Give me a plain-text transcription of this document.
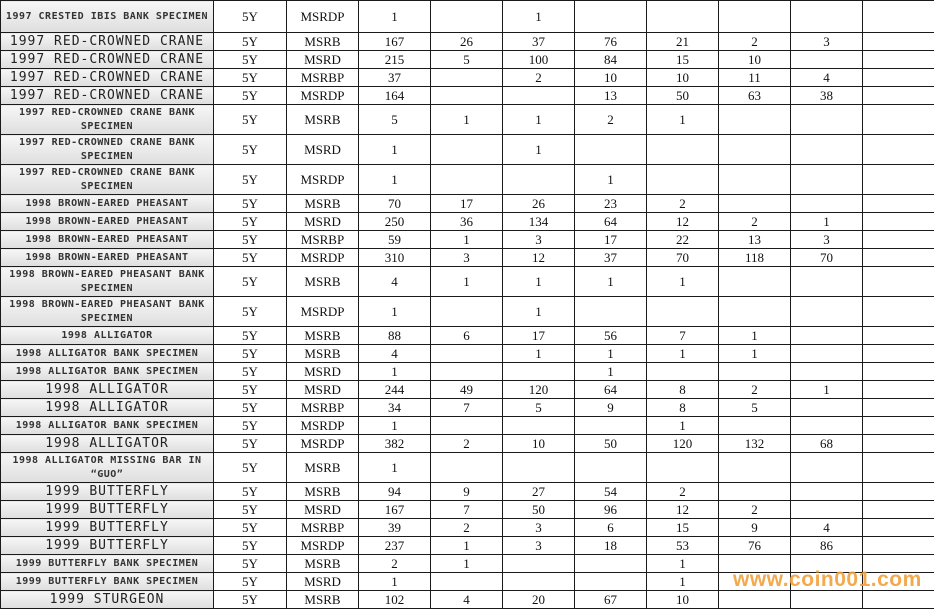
1997 CRESTED IBIS BANK SPECIMEN	5Y	MSRDP	1		1					
1997 RED-CROWNED CRANE	5Y	MSRB	167	26	37	76	21	2	3	
1997 RED-CROWNED CRANE	5Y	MSRD	215	5	100	84	15	10		
1997 RED-CROWNED CRANE	5Y	MSRBP	37		2	10	10	11	4	
1997 RED-CROWNED CRANE	5Y	MSRDP	164			13	50	63	38	
1997 RED-CROWNED CRANE BANK SPECIMEN	5Y	MSRB	5	1	1	2	1			
1997 RED-CROWNED CRANE BANK SPECIMEN	5Y	MSRD	1		1					
1997 RED-CROWNED CRANE BANK SPECIMEN	5Y	MSRDP	1			1				
1998 BROWN-EARED PHEASANT	5Y	MSRB	70	17	26	23	2			
1998 BROWN-EARED PHEASANT	5Y	MSRD	250	36	134	64	12	2	1	
1998 BROWN-EARED PHEASANT	5Y	MSRBP	59	1	3	17	22	13	3	
1998 BROWN-EARED PHEASANT	5Y	MSRDP	310	3	12	37	70	118	70	
1998 BROWN-EARED PHEASANT BANK SPECIMEN	5Y	MSRB	4	1	1	1	1			
1998 BROWN-EARED PHEASANT BANK SPECIMEN	5Y	MSRDP	1		1					
1998 ALLIGATOR	5Y	MSRB	88	6	17	56	7	1		
1998 ALLIGATOR BANK SPECIMEN	5Y	MSRB	4		1	1	1	1		
1998 ALLIGATOR BANK SPECIMEN	5Y	MSRD	1			1				
1998 ALLIGATOR	5Y	MSRD	244	49	120	64	8	2	1	
1998 ALLIGATOR	5Y	MSRBP	34	7	5	9	8	5		
1998 ALLIGATOR BANK SPECIMEN	5Y	MSRDP	1				1			
1998 ALLIGATOR	5Y	MSRDP	382	2	10	50	120	132	68	
1998 ALLIGATOR MISSING BAR IN “GUO”	5Y	MSRB	1							
1999 BUTTERFLY	5Y	MSRB	94	9	27	54	2			
1999 BUTTERFLY	5Y	MSRD	167	7	50	96	12	2		
1999 BUTTERFLY	5Y	MSRBP	39	2	3	6	15	9	4	
1999 BUTTERFLY	5Y	MSRDP	237	1	3	18	53	76	86	
1999 BUTTERFLY BANK SPECIMEN	5Y	MSRB	2	1			1			
1999 BUTTERFLY BANK SPECIMEN	5Y	MSRD	1				1			
1999 STURGEON	5Y	MSRB	102	4	20	67	10			
www.coin001.com
